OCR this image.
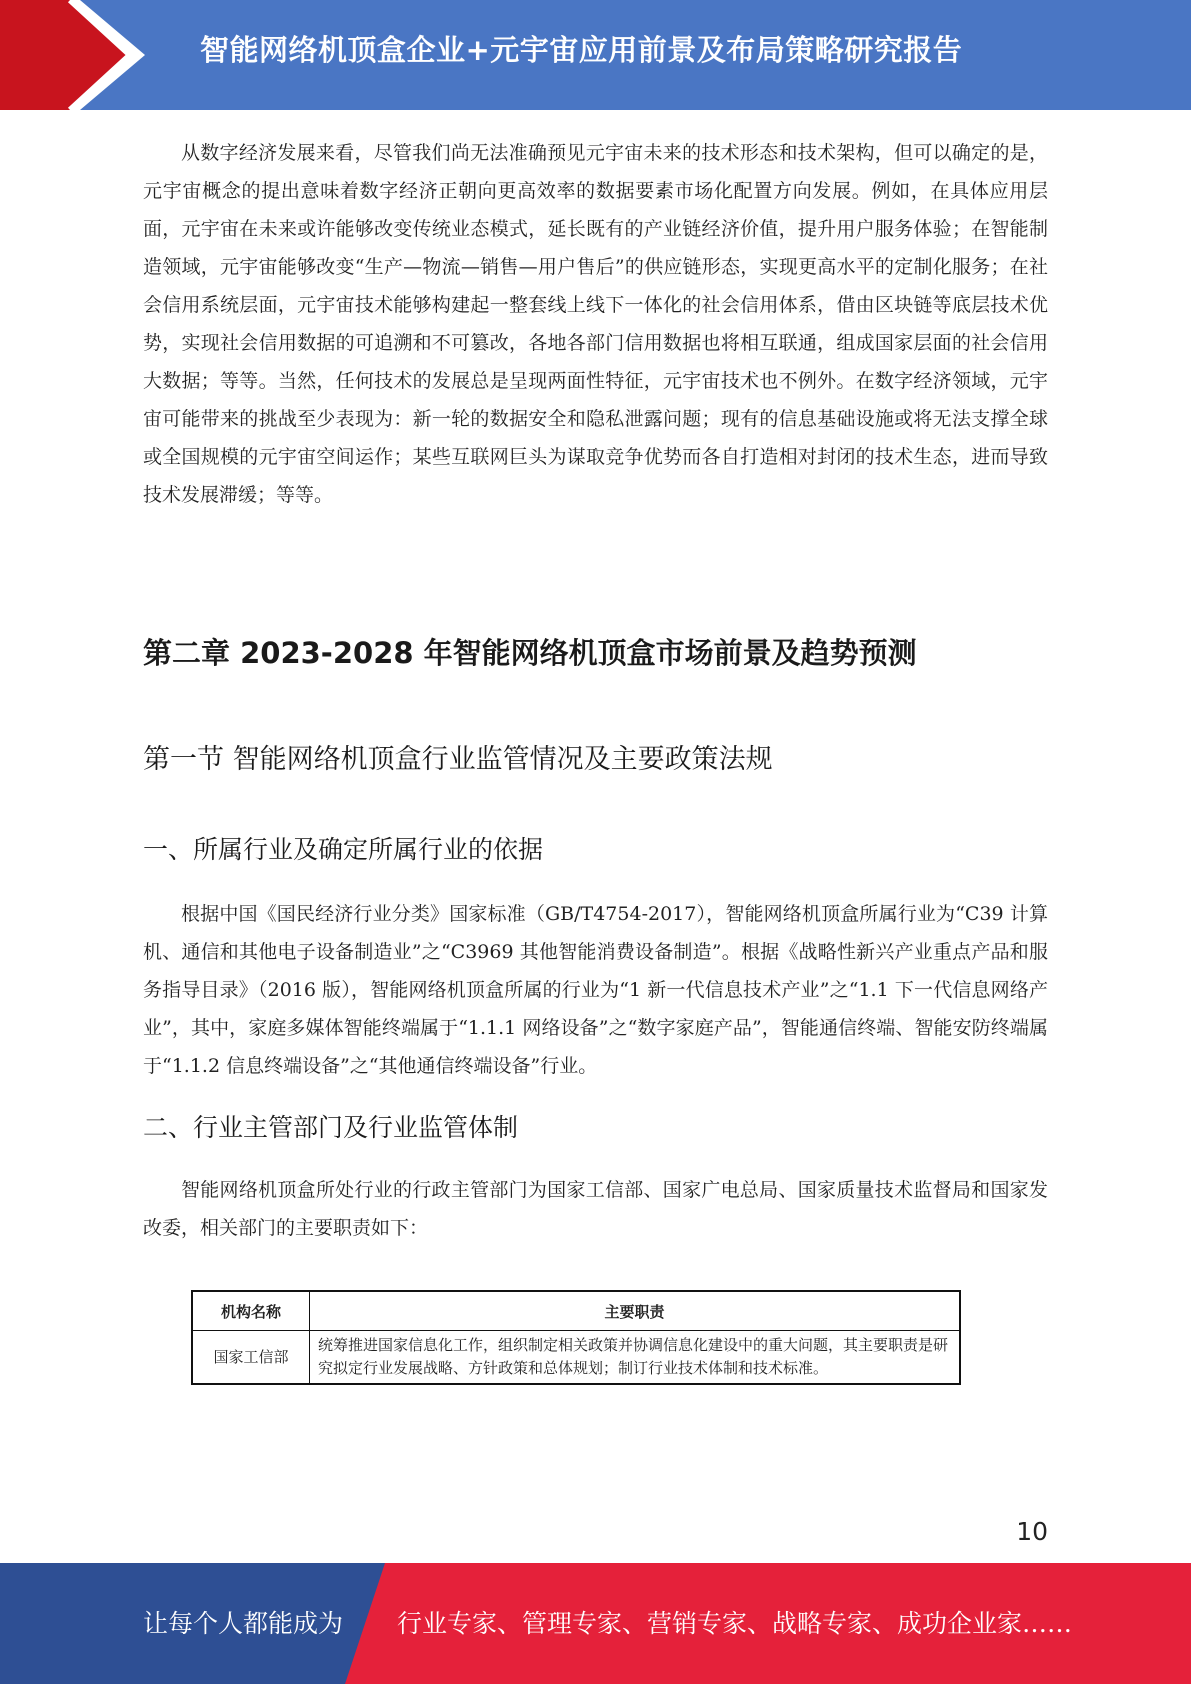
智能网络机顶盒企业+元宇宙应用前景及布局策略研究报告

从数字经济发展来看，尽管我们尚无法准确预见元宇宙未来的技术形态和技术架构，但可以确定的是，元宇宙概念的提出意味着数字经济正朝向更高效率的数据要素市场化配置方向发展。例如，在具体应用层面，元宇宙在未来或许能够改变传统业态模式，延长既有的产业链经济价值，提升用户服务体验；在智能制造领域，元宇宙能够改变“生产—物流—销售—用户售后”的供应链形态，实现更高水平的定制化服务；在社会信用系统层面，元宇宙技术能够构建起一整套线上线下一体化的社会信用体系，借由区块链等底层技术优势，实现社会信用数据的可追溯和不可篡改，各地各部门信用数据也将相互联通，组成国家层面的社会信用大数据；等等。当然，任何技术的发展总是呈现两面性特征，元宇宙技术也不例外。在数字经济领域，元宇宙可能带来的挑战至少表现为：新一轮的数据安全和隐私泄露问题；现有的信息基础设施或将无法支撑全球或全国规模的元宇宙空间运作；某些互联网巨头为谋取竞争优势而各自打造相对封闭的技术生态，进而导致技术发展滞缓；等等。

第二章 2023-2028 年智能网络机顶盒市场前景及趋势预测
第一节 智能网络机顶盒行业监管情况及主要政策法规
一、所属行业及确定所属行业的依据

根据中国《国民经济行业分类》国家标准（GB/T4754-2017），智能网络机顶盒所属行业为“C39 计算机、通信和其他电子设备制造业”之“C3969 其他智能消费设备制造”。根据《战略性新兴产业重点产品和服务指导目录》（2016 版），智能网络机顶盒所属的行业为“1 新一代信息技术产业”之“1.1 下一代信息网络产业”，其中，家庭多媒体智能终端属于“1.1.1 网络设备”之“数字家庭产品”，智能通信终端、智能安防终端属于“1.1.2 信息终端设备”之“其他通信终端设备”行业。

二、行业主管部门及行业监管体制

智能网络机顶盒所处行业的行政主管部门为国家工信部、国家广电总局、国家质量技术监督局和国家发改委，相关部门的主要职责如下：

机构名称	主要职责
国家工信部	统筹推进国家信息化工作，组织制定相关政策并协调信息化建设中的重大问题，其主要职责是研究拟定行业发展战略、方针政策和总体规划；制订行业技术体制和技术标准。
10
让每个人都能成为 行业专家、管理专家、营销专家、战略专家、成功企业家……
